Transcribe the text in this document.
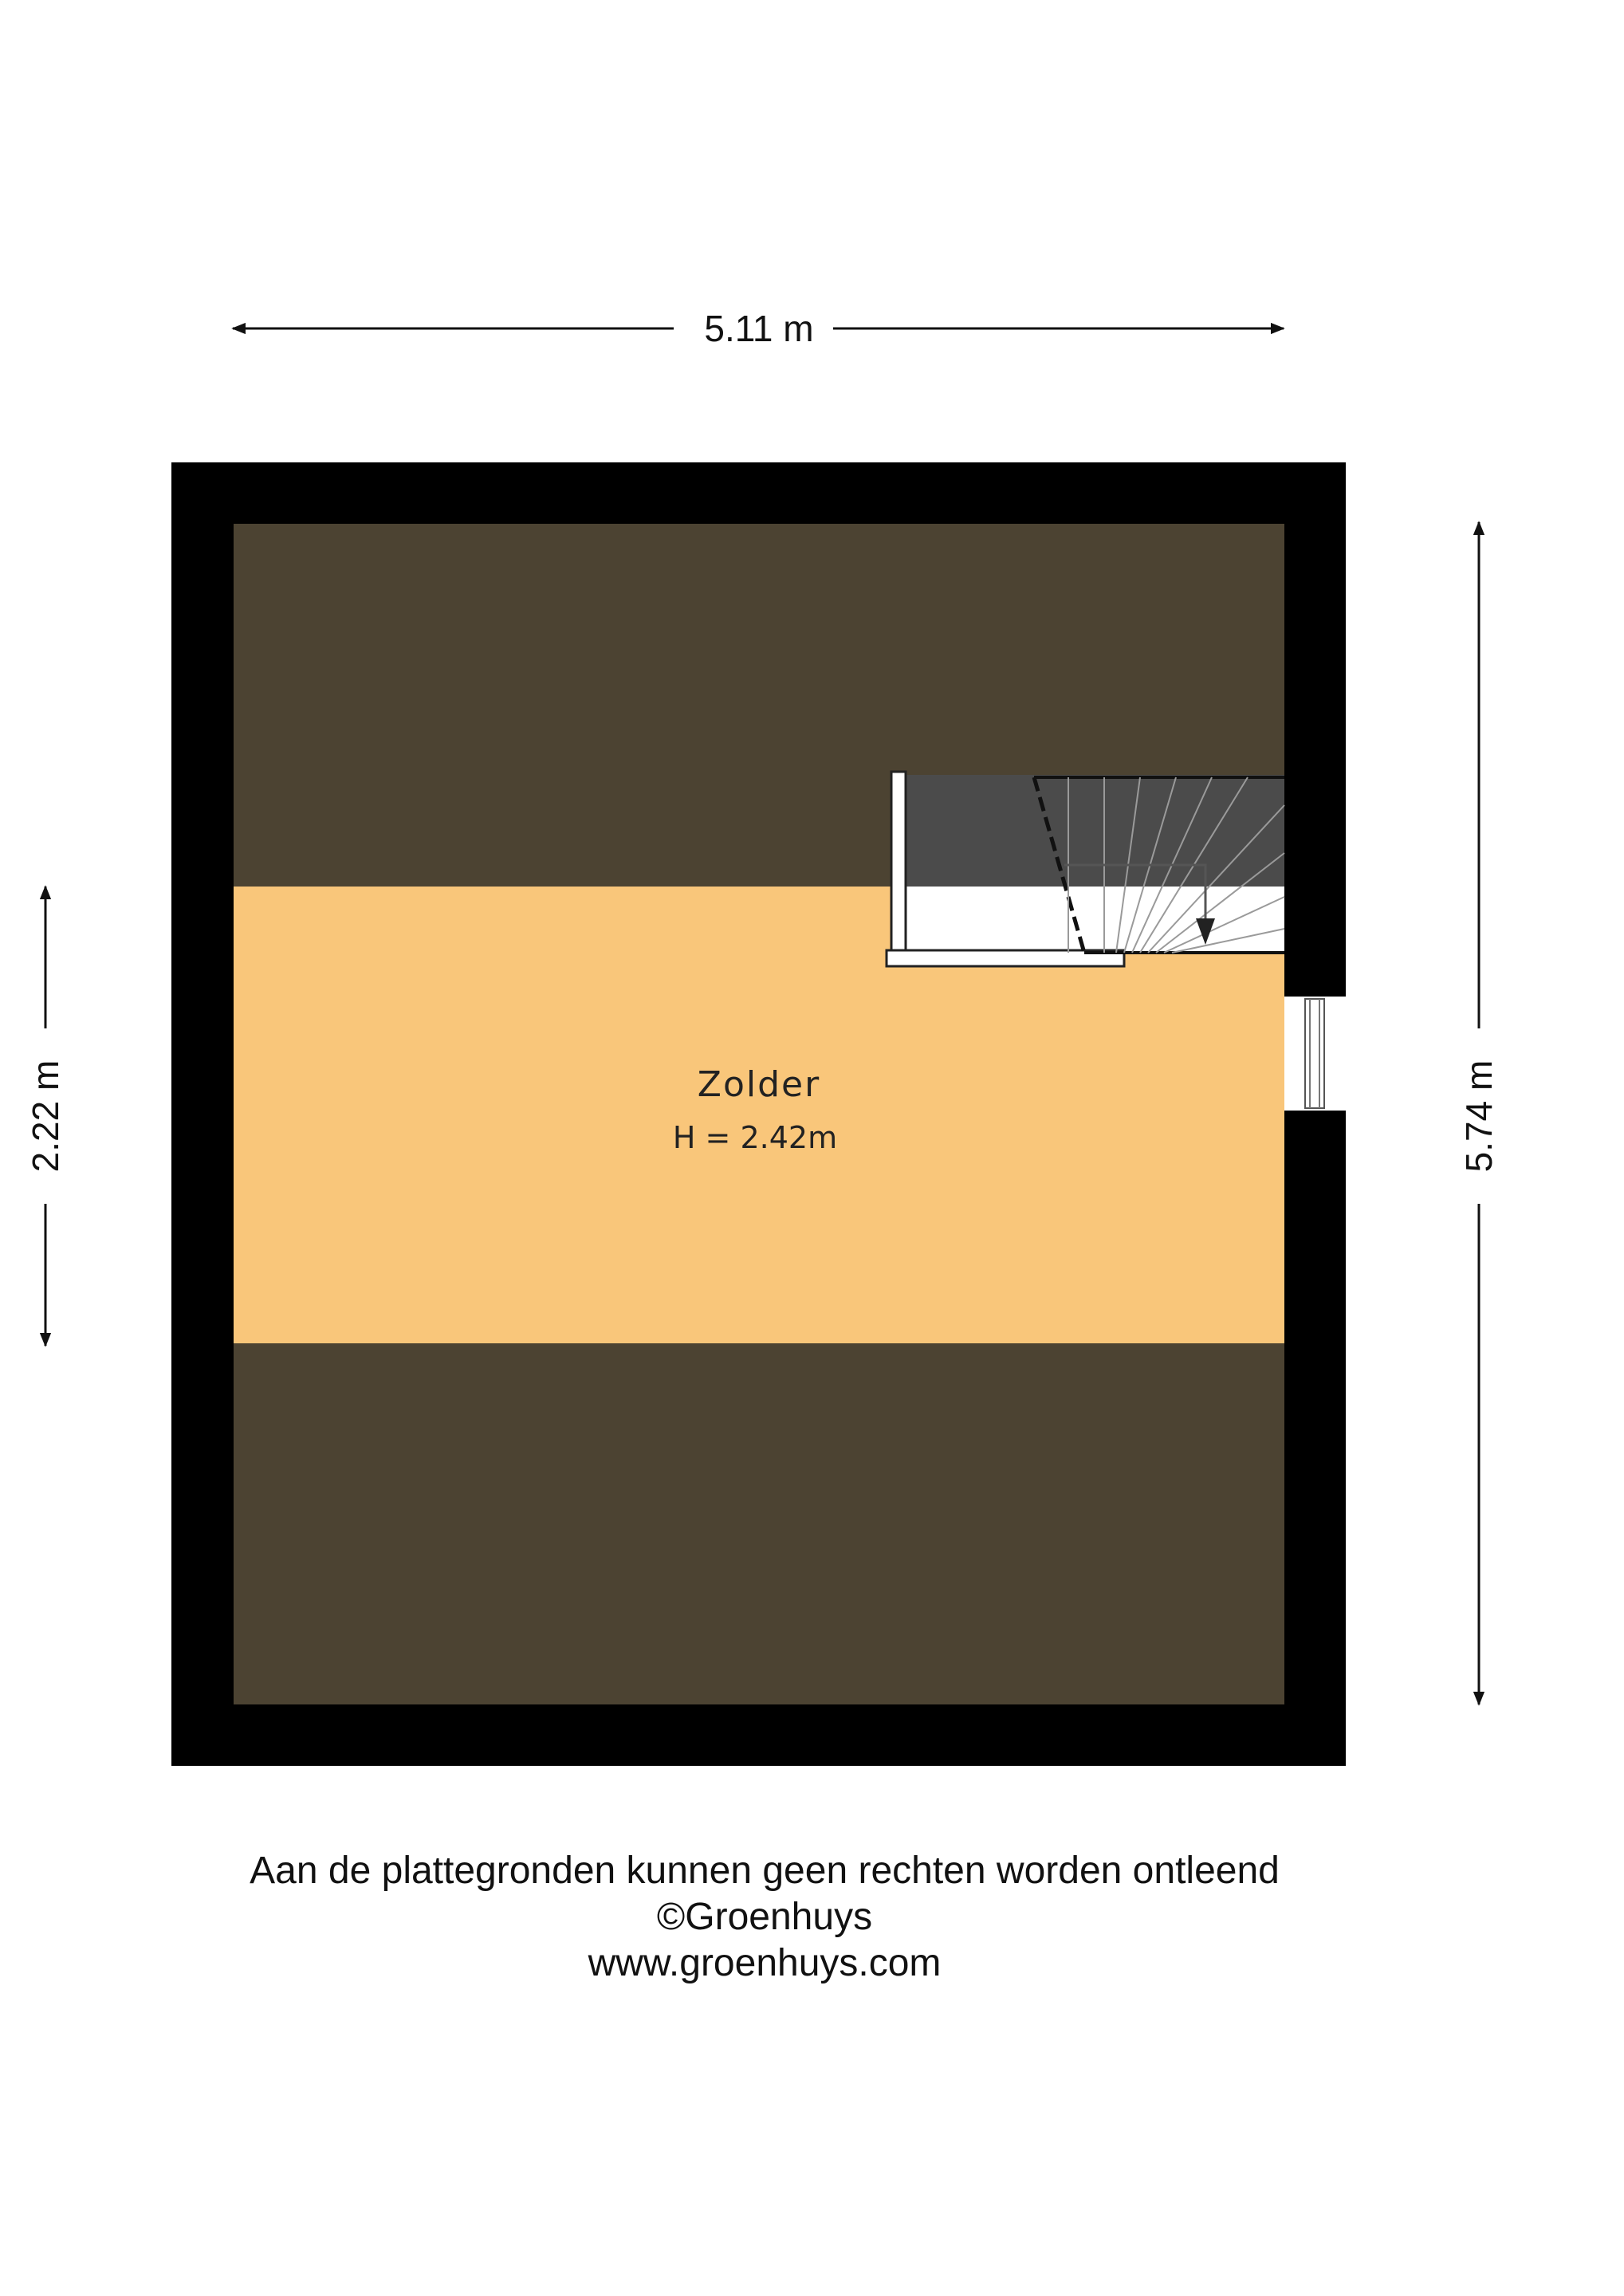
5.11 m
2.22 m	5.74 m
Zolder
H = 2.42m
Aan de plattegronden kunnen geen rechten worden ontleend
©Groenhuys
www.groenhuys.com
